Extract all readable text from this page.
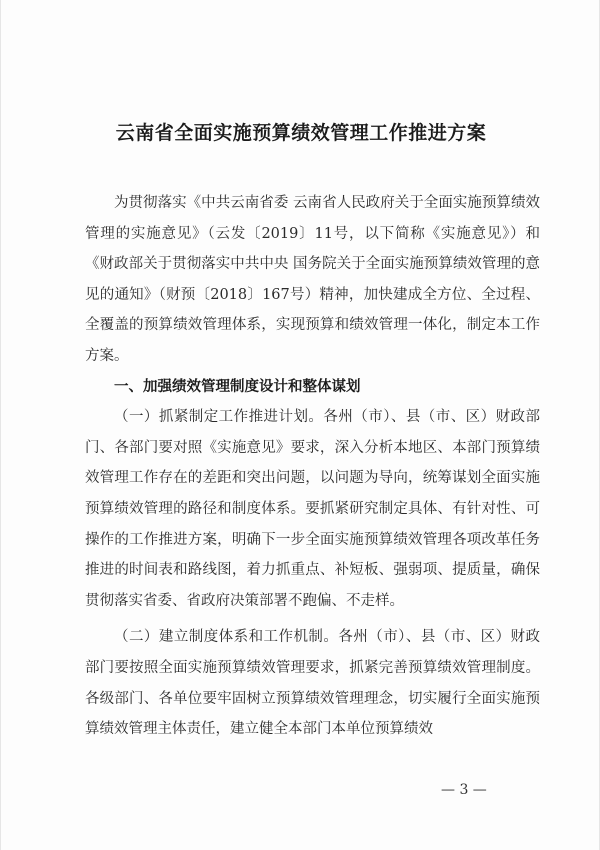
云南省全面实施预算绩效管理工作推进方案

为贯彻落实《中共云南省委 云南省人民政府关于全面实施预算绩效管理的实施意见》（云发〔2019〕11号，以下简称《实施意见》）和《财政部关于贯彻落实中共中央 国务院关于全面实施预算绩效管理的意见的通知》（财预〔2018〕167号）精神，加快建成全方位、全过程、全覆盖的预算绩效管理体系，实现预算和绩效管理一体化，制定本工作方案。

一、加强绩效管理制度设计和整体谋划

（一）抓紧制定工作推进计划。各州（市）、县（市、区）财政部门、各部门要对照《实施意见》要求，深入分析本地区、本部门预算绩效管理工作存在的差距和突出问题，以问题为导向，统筹谋划全面实施预算绩效管理的路径和制度体系。要抓紧研究制定具体、有针对性、可操作的工作推进方案，明确下一步全面实施预算绩效管理各项改革任务推进的时间表和路线图，着力抓重点、补短板、强弱项、提质量，确保贯彻落实省委、省政府决策部署不跑偏、不走样。

（二）建立制度体系和工作机制。各州（市）、县（市、区）财政部门要按照全面实施预算绩效管理要求，抓紧完善预算绩效管理制度。各级部门、各单位要牢固树立预算绩效管理理念，切实履行全面实施预算绩效管理主体责任，建立健全本部门本单位预算绩效

— 3 —
